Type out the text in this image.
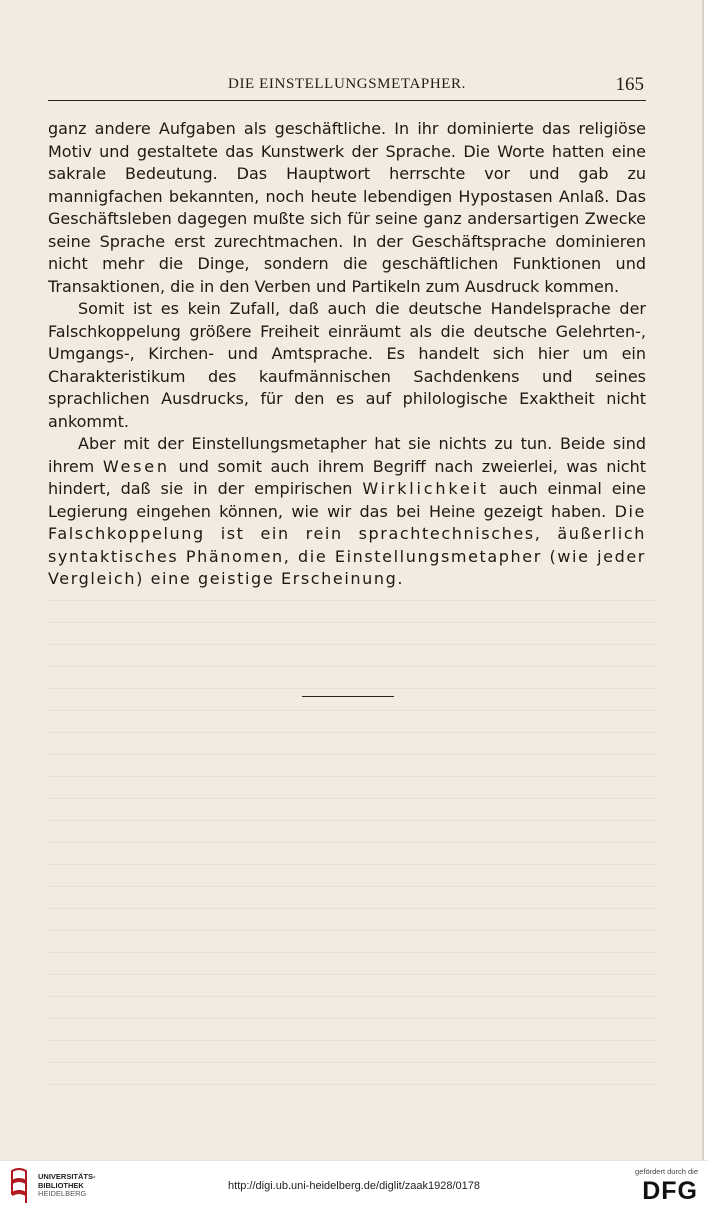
DIE EINSTELLUNGSMETAPHER.	165

ganz andere Aufgaben als geschäftliche. In ihr dominierte das religiöse Motiv und gestaltete das Kunstwerk der Sprache. Die Worte hatten eine sakrale Bedeutung. Das Hauptwort herrschte vor und gab zu mannigfachen bekannten, noch heute lebendigen Hypostasen Anlaß. Das Geschäftsleben dagegen mußte sich für seine ganz andersartigen Zwecke seine Sprache erst zurechtmachen. In der Geschäftsprache dominieren nicht mehr die Dinge, sondern die geschäftlichen Funktionen und Transaktionen, die in den Verben und Partikeln zum Ausdruck kommen.

Somit ist es kein Zufall, daß auch die deutsche Handelsprache der Falschkoppelung größere Freiheit einräumt als die deutsche Gelehrten-, Umgangs-, Kirchen- und Amtsprache. Es handelt sich hier um ein Charakteristikum des kaufmännischen Sachdenkens und seines sprachlichen Ausdrucks, für den es auf philologische Exaktheit nicht ankommt.

Aber mit der Einstellungsmetapher hat sie nichts zu tun. Beide sind ihrem Wesen und somit auch ihrem Begriff nach zweierlei, was nicht hindert, daß sie in der empirischen Wirklichkeit auch einmal eine Legierung eingehen können, wie wir das bei Heine gezeigt haben. Die Falschkoppelung ist ein rein sprachtechnisches, äußerlich syntaktisches Phänomen, die Einstellungsmetapher (wie jeder Vergleich) eine geistige Erscheinung.

UNIVERSITÄTS-
BIBLIOTHEK
HEIDELBERG
http://digi.ub.uni-heidelberg.de/diglit/zaak1928/0178
gefördert durch die
DFG
